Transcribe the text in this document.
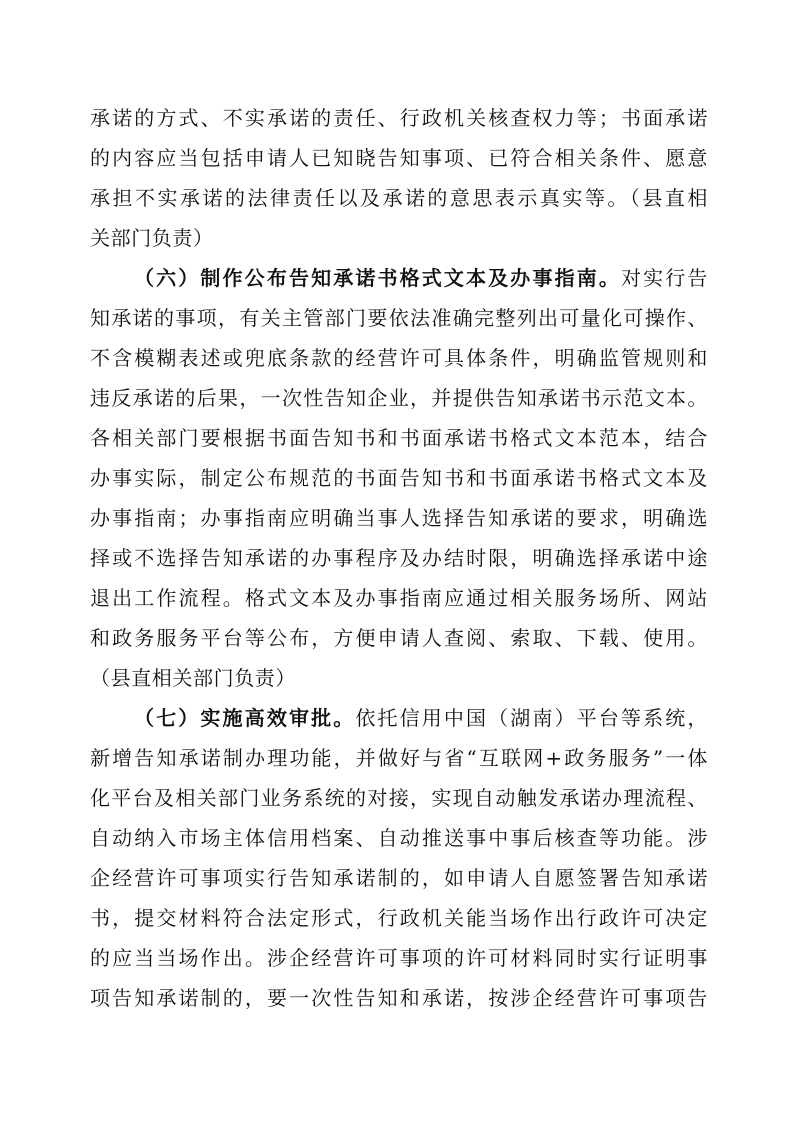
承诺的方式、不实承诺的责任、行政机关核查权力等；书面承诺
的内容应当包括申请人已知晓告知事项、已符合相关条件、愿意
承担不实承诺的法律责任以及承诺的意思表示真实等。（县直相
关部门负责）
（六）制作公布告知承诺书格式文本及办事指南。对实行告
知承诺的事项，有关主管部门要依法准确完整列出可量化可操作、
不含模糊表述或兜底条款的经营许可具体条件，明确监管规则和
违反承诺的后果，一次性告知企业，并提供告知承诺书示范文本。
各相关部门要根据书面告知书和书面承诺书格式文本范本，结合
办事实际，制定公布规范的书面告知书和书面承诺书格式文本及
办事指南；办事指南应明确当事人选择告知承诺的要求，明确选
择或不选择告知承诺的办事程序及办结时限，明确选择承诺中途
退出工作流程。格式文本及办事指南应通过相关服务场所、网站
和政务服务平台等公布，方便申请人查阅、索取、下载、使用。
（县直相关部门负责）
（七）实施高效审批。依托信用中国（湖南）平台等系统，
新增告知承诺制办理功能，并做好与省“互联网+政务服务”一体
化平台及相关部门业务系统的对接，实现自动触发承诺办理流程、
自动纳入市场主体信用档案、自动推送事中事后核查等功能。涉
企经营许可事项实行告知承诺制的，如申请人自愿签署告知承诺
书，提交材料符合法定形式，行政机关能当场作出行政许可决定
的应当当场作出。涉企经营许可事项的许可材料同时实行证明事
项告知承诺制的，要一次性告知和承诺，按涉企经营许可事项告
